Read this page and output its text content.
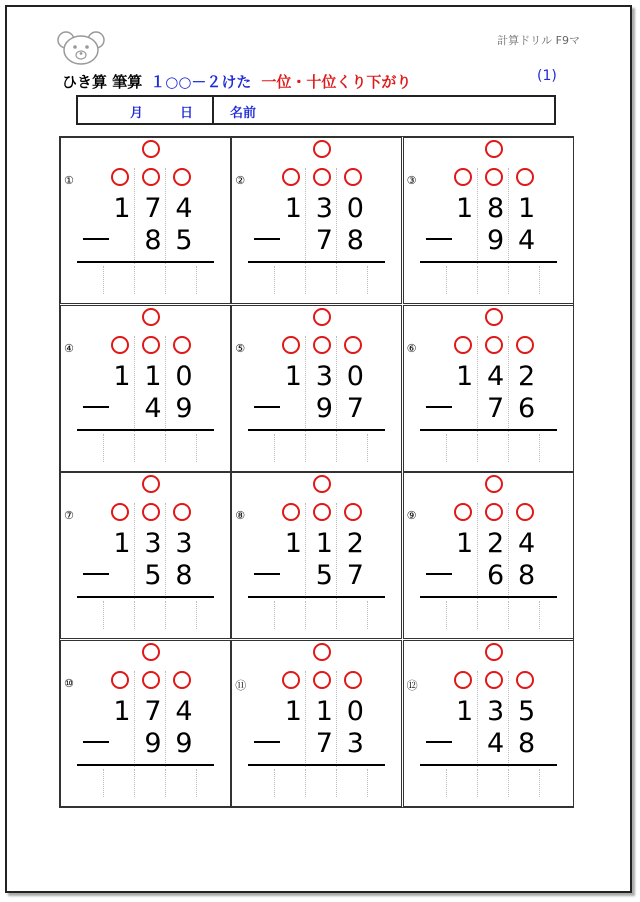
計算ドリル F9マ
ひき算 筆算 １○○－２けた 一位・十位くり下がり	(1)
月	日	名前
①
1 7 4
8 5
②
1 3 0
7 8
③
1 8 1
9 4
④
1 1 0
4 9
⑤
1 3 0
9 7
⑥
1 4 2
7 6
⑦
1 3 3
5 8
⑧
1 1 2
5 7
⑨
1 2 4
6 8
⑩
1 7 4
9 9
⑪
1 1 0
7 3
⑫
1 3 5
4 8
